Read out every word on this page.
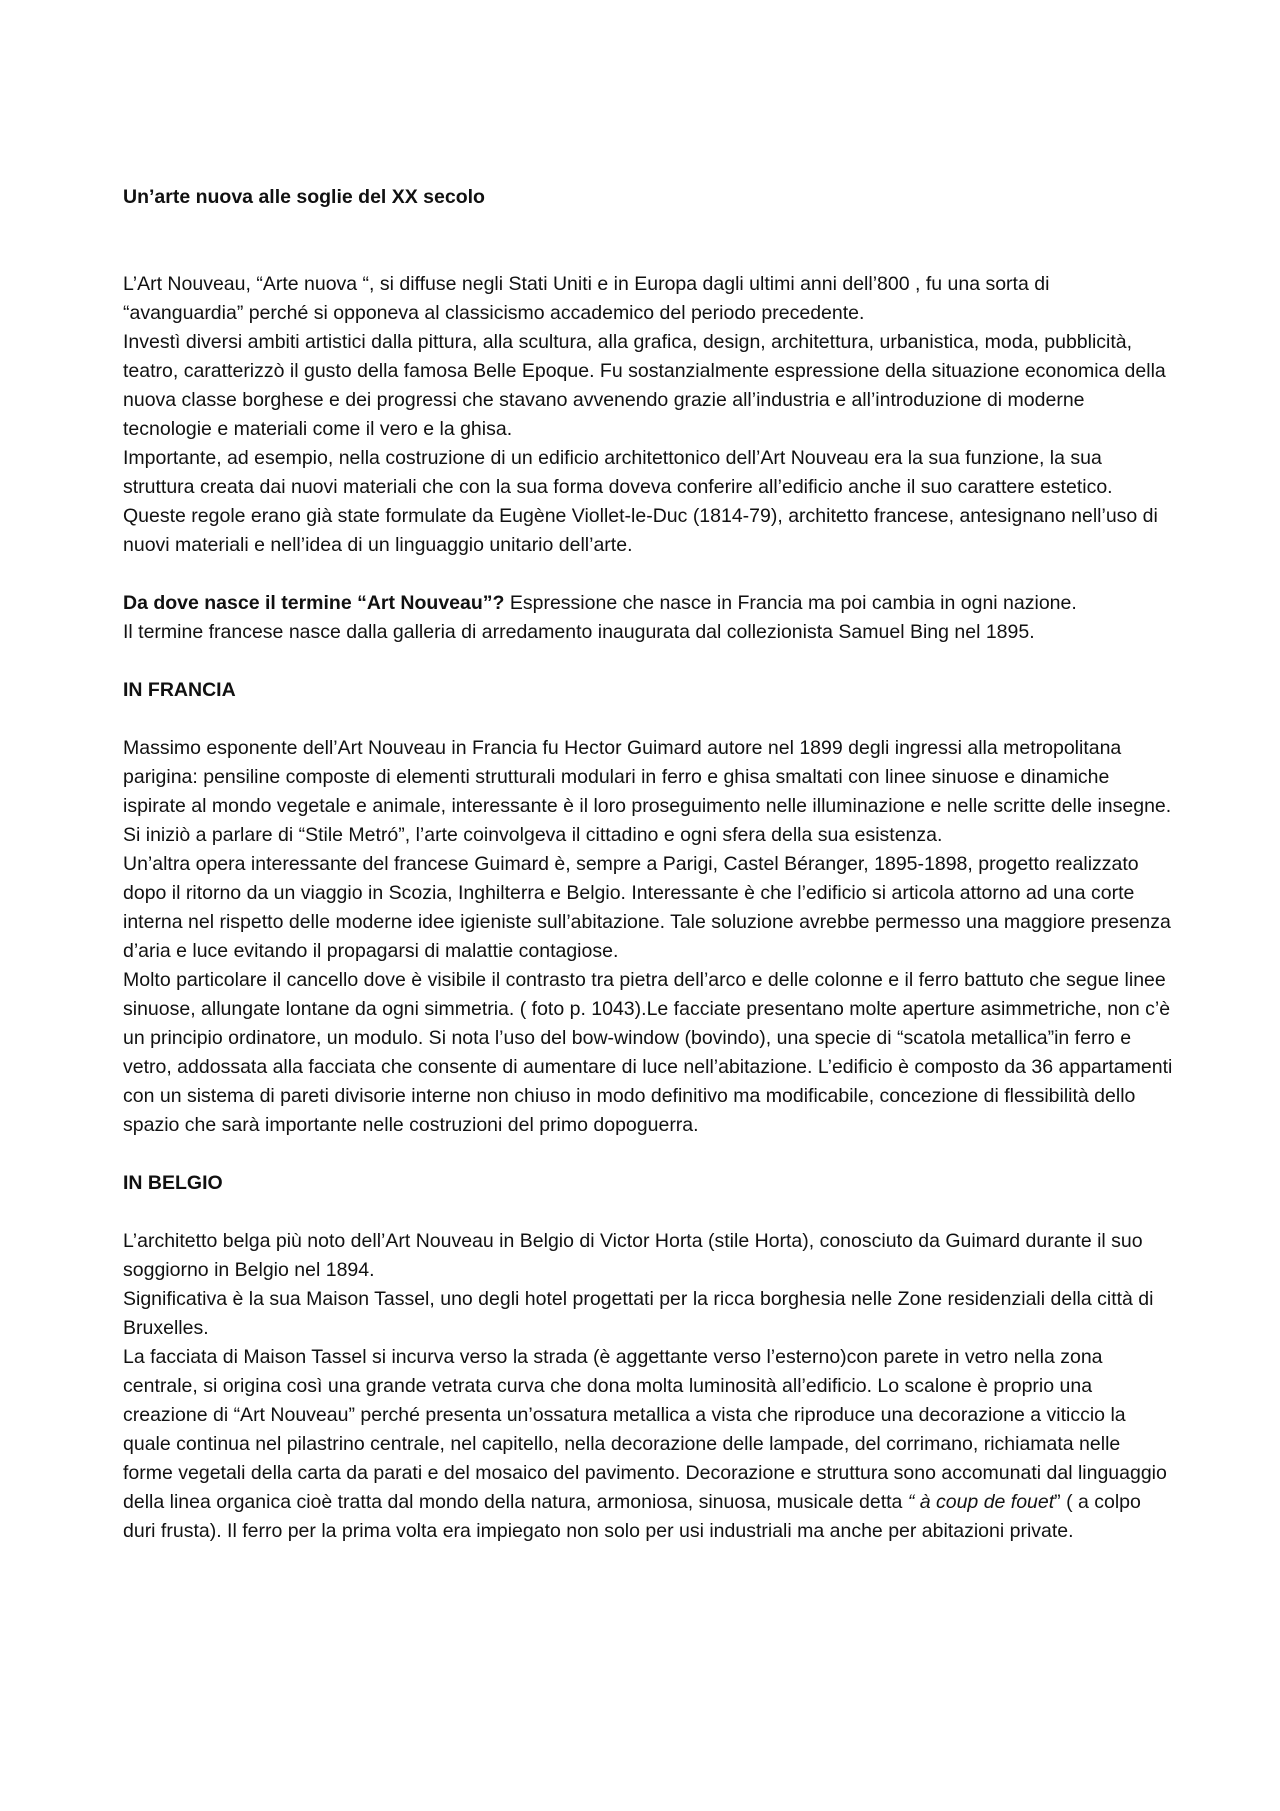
Un’arte nuova alle soglie del XX secolo

L’Art Nouveau, “Arte nuova “, si diffuse negli Stati Uniti e in Europa dagli ultimi anni dell’800 , fu una sorta di “avanguardia” perché si opponeva al classicismo accademico del periodo precedente.

Investì diversi ambiti artistici dalla pittura, alla scultura, alla grafica, design, architettura, urbanistica, moda, pubblicità, teatro, caratterizzò il gusto della famosa Belle Epoque. Fu sostanzialmente espressione della situazione economica della nuova classe borghese e dei progressi che stavano avvenendo grazie all’industria e all’introduzione di moderne tecnologie e materiali come il vero e la ghisa.

Importante, ad esempio, nella costruzione di un edificio architettonico dell’Art Nouveau era la sua funzione, la sua struttura creata dai nuovi materiali che con la sua forma doveva conferire all’edificio anche il suo carattere estetico. Queste regole erano già state formulate da Eugène Viollet-le-Duc (1814-79), architetto francese, antesignano nell’uso di nuovi materiali e nell’idea di un linguaggio unitario dell’arte.

Da dove nasce il termine “Art Nouveau”? Espressione che nasce in Francia ma poi cambia in ogni nazione.

Il termine francese nasce dalla galleria di arredamento inaugurata dal collezionista Samuel Bing nel 1895.

IN FRANCIA

Massimo esponente dell’Art Nouveau in Francia fu Hector Guimard autore nel 1899 degli ingressi alla metropolitana parigina: pensiline composte di elementi strutturali modulari in ferro e ghisa smaltati con linee sinuose e dinamiche ispirate al mondo vegetale e animale, interessante è il loro proseguimento nelle illuminazione e nelle scritte delle insegne. Si iniziò a parlare di “Stile Metró”, l’arte coinvolgeva il cittadino e ogni sfera della sua esistenza.

Un’altra opera interessante del francese Guimard è, sempre a Parigi, Castel Béranger, 1895-1898, progetto realizzato dopo il ritorno da un viaggio in Scozia, Inghilterra e Belgio. Interessante è che l’edificio si articola attorno ad una corte interna nel rispetto delle moderne idee igieniste sull’abitazione. Tale soluzione avrebbe permesso una maggiore presenza d’aria e luce evitando il propagarsi di malattie contagiose.

Molto particolare il cancello dove è visibile il contrasto tra pietra dell’arco e delle colonne e il ferro battuto che segue linee sinuose, allungate lontane da ogni simmetria. ( foto p. 1043).Le facciate presentano molte aperture asimmetriche, non c’è un principio ordinatore, un modulo. Si nota l’uso del bow-window (bovindo), una specie di “scatola metallica”in ferro e vetro, addossata alla facciata che consente di aumentare di luce nell’abitazione. L’edificio è composto da 36 appartamenti con un sistema di pareti divisorie interne non chiuso in modo definitivo ma modificabile, concezione di flessibilità dello spazio che sarà importante nelle costruzioni del primo dopoguerra.

IN BELGIO

L’architetto belga più noto dell’Art Nouveau in Belgio di Victor Horta (stile Horta), conosciuto da Guimard durante il suo soggiorno in Belgio nel 1894.

Significativa è la sua Maison Tassel, uno degli hotel progettati per la ricca borghesia nelle Zone residenziali della città di Bruxelles.

La facciata di Maison Tassel si incurva verso la strada (è aggettante verso l’esterno)con parete in vetro nella zona centrale, si origina così una grande vetrata curva che dona molta luminosità all’edificio. Lo scalone è proprio una creazione di “Art Nouveau” perché presenta un’ossatura metallica a vista che riproduce una decorazione a viticcio la quale continua nel pilastrino centrale, nel capitello, nella decorazione delle lampade, del corrimano, richiamata nelle forme vegetali della carta da parati e del mosaico del pavimento. Decorazione e struttura sono accomunati dal linguaggio della linea organica cioè tratta dal mondo della natura, armoniosa, sinuosa, musicale detta “ à coup de fouet” ( a colpo duri frusta). Il ferro per la prima volta era impiegato non solo per usi industriali ma anche per abitazioni private.
